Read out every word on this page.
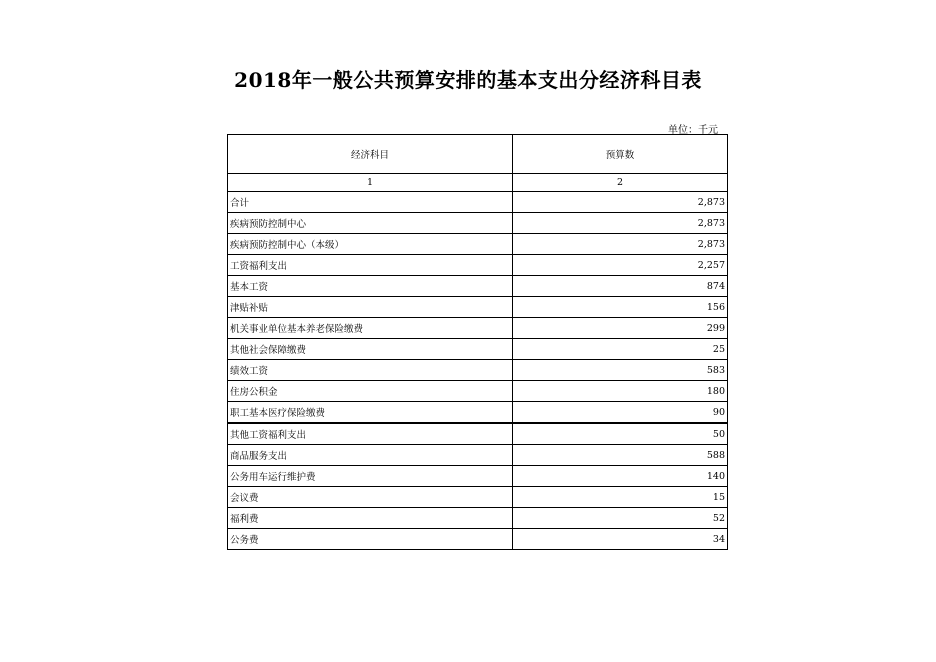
2018年一般公共预算安排的基本支出分经济科目表
单位：千元
经济科目	预算数
1	2
合计	2,873
疾病预防控制中心	2,873
疾病预防控制中心（本级）	2,873
工资福利支出	2,257
基本工资	874
津贴补贴	156
机关事业单位基本养老保险缴费	299
其他社会保障缴费	25
绩效工资	583
住房公积金	180
职工基本医疗保险缴费	90
其他工资福利支出	50
商品服务支出	588
公务用车运行维护费	140
会议费	15
福利费	52
公务费	34
